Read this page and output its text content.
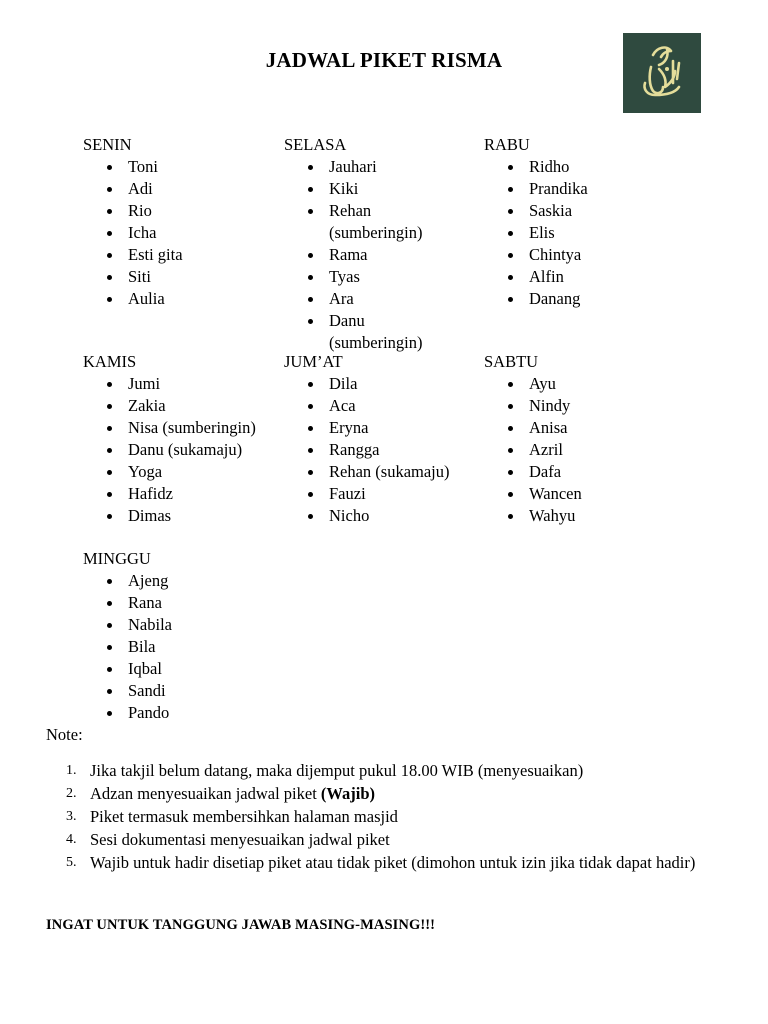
JADWAL PIKET RISMA
SENIN
Toni
Adi
Rio
Icha
Esti gita
Siti
Aulia
SELASA
Jauhari
Kiki
Rehan (sumberingin)
Rama
Tyas
Ara
Danu (sumberingin)
RABU
Ridho
Prandika
Saskia
Elis
Chintya
Alfin
Danang
KAMIS
Jumi
Zakia
Nisa (sumberingin)
Danu (sukamaju)
Yoga
Hafidz
Dimas
JUM’AT
Dila
Aca
Eryna
Rangga
Rehan (sukamaju)
Fauzi
Nicho
SABTU
Ayu
Nindy
Anisa
Azril
Dafa
Wancen
Wahyu
MINGGU
Ajeng
Rana
Nabila
Bila
Iqbal
Sandi
Pando
Note:
1. Jika takjil belum datang, maka dijemput pukul 18.00 WIB (menyesuaikan)
2. Adzan menyesuaikan jadwal piket (Wajib)
3. Piket termasuk membersihkan halaman masjid
4. Sesi dokumentasi menyesuaikan jadwal piket
5. Wajib untuk hadir disetiap piket atau tidak piket (dimohon untuk izin jika tidak dapat hadir)
INGAT UNTUK TANGGUNG JAWAB MASING-MASING!!!
